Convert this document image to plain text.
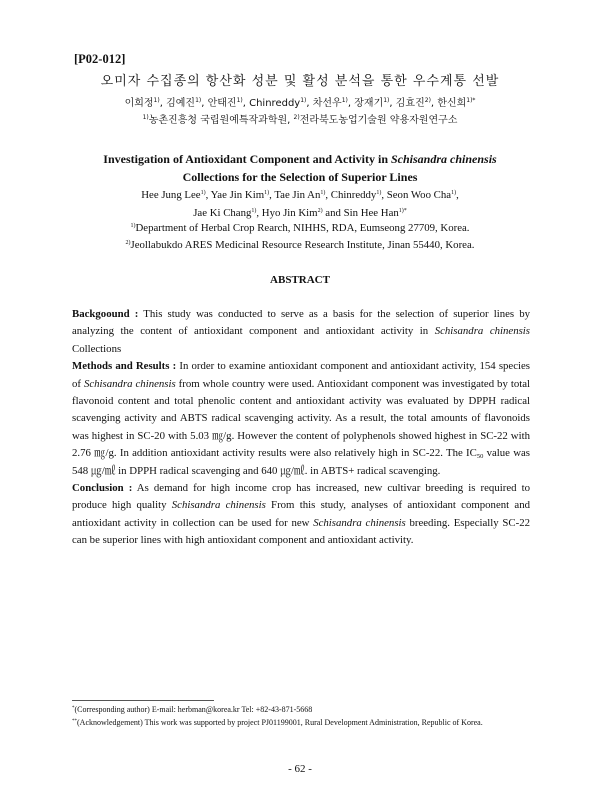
[P02-012]
오미자 수집종의 항산화 성분 및 활성 분석을 통한 우수계통 선발
이희정$^{1)}$, 김예진$^{1)}$, 안태진$^{1)}$, Chinreddy$^{1)}$, 차선우$^{1)}$, 장재기$^{1)}$, 김효진$^{2)}$, 한신희$^{1)*}$
$^{1)}$농촌진흥청 국립원예특작과학원, $^{2)}$전라북도농업기술원 약용자원연구소
Investigation of Antioxidant Component and Activity in Schisandra chinensis
Collections for the Selection of Superior Lines
Hee Jung Lee$^{1)}$, Yae Jin Kim$^{1)}$, Tae Jin An$^{1)}$, Chinreddy$^{1)}$, Seon Woo Cha$^{1)}$,
Jae Ki Chang$^{1)}$, Hyo Jin Kim$^{2)}$ and Sin Hee Han$^{1)*}$
$^{1)}$Department of Herbal Crop Rearch, NIHHS, RDA, Eumseong 27709, Korea.
$^{2)}$Jeollabukdo ARES Medicinal Resource Research Institute, Jinan 55440, Korea.
ABSTRACT

Backgoound : This study was conducted to serve as a basis for the selection of superior lines by analyzing the content of antioxidant component and antioxidant activity in Schisandra chinensis Collections

Methods and Results : In order to examine antioxidant component and antioxidant activity, 154 species of Schisandra chinensis from whole country were used. Antioxidant component was investigated by total flavonoid content and total phenolic content and antioxidant activity was evaluated by DPPH radical scavenging activity and ABTS radical scavenging activity. As a result, the total amounts of flavonoids was highest in SC-20 with 5.03 ㎎/g. However the content of polyphenols showed highest in SC-22 with 2.76 ㎎/g. In addition antioxidant activity results were also relatively high in SC-22. The IC50 value was 548 ㎍/㎖ in DPPH radical scavenging and 640 ㎍/㎖. in ABTS+ radical scavenging.

Conclusion : As demand for high income crop has increased, new cultivar breeding is required to produce high quality Schisandra chinensis From this study, analyses of antioxidant component and antioxidant activity in collection can be used for new Schisandra chinensis breeding. Especially SC-22 can be superior lines with high antioxidant component and antioxidant activity.

*(Corresponding author) E-mail: herbman@korea.kr Tel: +82-43-871-5668

**(Acknowledgement) This work was supported by project PJ01199001, Rural Development Administration, Republic of Korea.

- 62 -
